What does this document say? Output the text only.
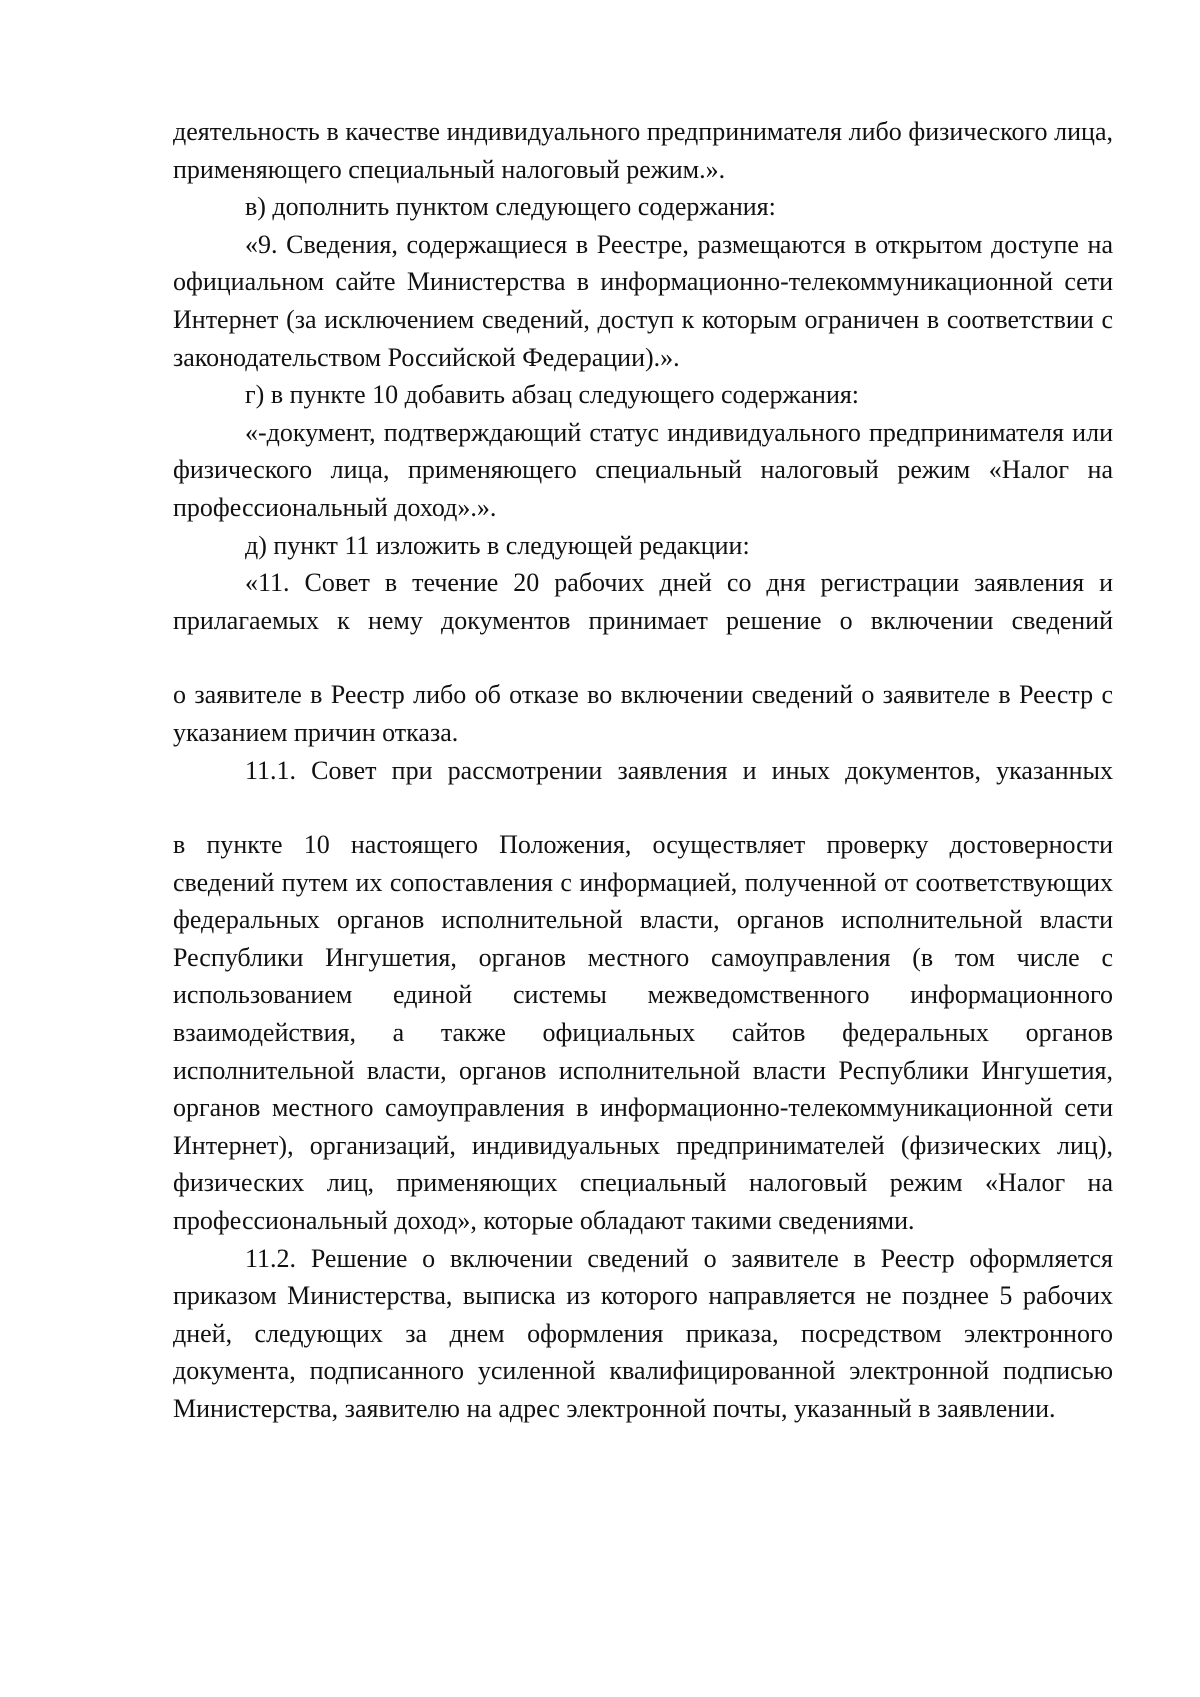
деятельность в качестве индивидуального предпринимателя либо физического лица, применяющего специальный налоговый режим.».

в) дополнить пунктом следующего содержания:

«9. Сведения, содержащиеся в Реестре, размещаются в открытом доступе на официальном сайте Министерства в информационно-телекоммуникационной сети Интернет (за исключением сведений, доступ к которым ограничен в соответствии с законодательством Российской Федерации).».

г) в пункте 10 добавить абзац следующего содержания:

«-документ, подтверждающий статус индивидуального предпринимателя или физического лица, применяющего специальный налоговый режим «Налог на профессиональный доход».».

д) пункт 11 изложить в следующей редакции:

«11. Совет в течение 20 рабочих дней со дня регистрации заявления и прилагаемых к нему документов принимает решение о включении сведений

о заявителе в Реестр либо об отказе во включении сведений о заявителе в Реестр с указанием причин отказа.

11.1. Совет при рассмотрении заявления и иных документов, указанных

в пункте 10 настоящего Положения, осуществляет проверку достоверности сведений путем их сопоставления с информацией, полученной от соответствующих федеральных органов исполнительной власти, органов исполнительной власти Республики Ингушетия, органов местного самоуправления (в том числе с использованием единой системы межведомственного информационного взаимодействия, а также официальных сайтов федеральных органов исполнительной власти, органов исполнительной власти Республики Ингушетия, органов местного самоуправления в информационно-телекоммуникационной сети Интернет), организаций, индивидуальных предпринимателей (физических лиц), физических лиц, применяющих специальный налоговый режим «Налог на профессиональный доход», которые обладают такими сведениями.

11.2. Решение о включении сведений о заявителе в Реестр оформляется приказом Министерства, выписка из которого направляется не позднее 5 рабочих дней, следующих за днем оформления приказа, посредством электронного документа, подписанного усиленной квалифицированной электронной подписью Министерства, заявителю на адрес электронной почты, указанный в заявлении.
